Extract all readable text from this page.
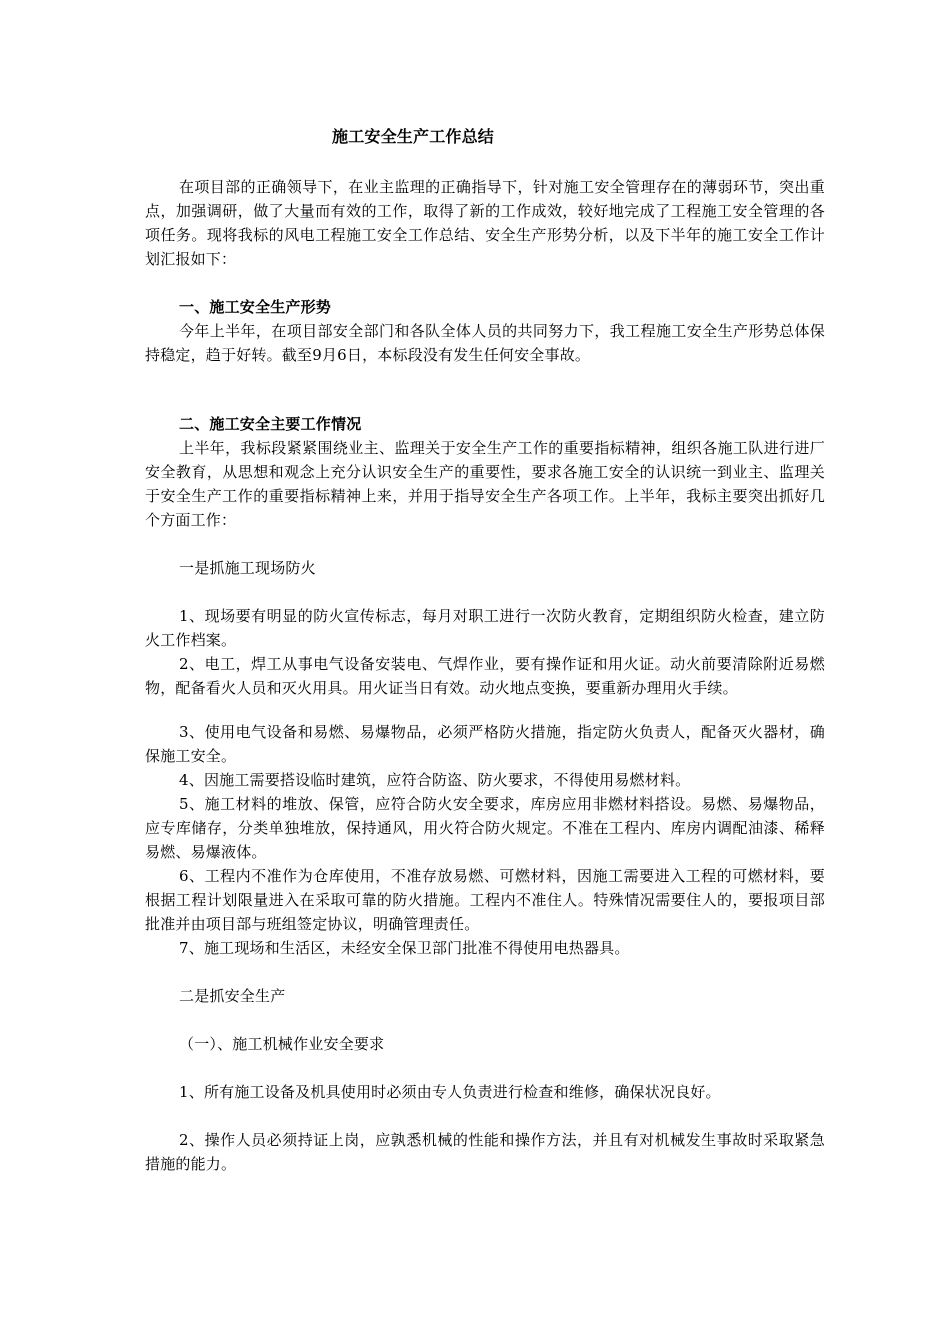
施工安全生产工作总结

在项目部的正确领导下，在业主监理的正确指导下，针对施工安全管理存在的薄弱环节，突出重点，加强调研，做了大量而有效的工作，取得了新的工作成效，较好地完成了工程施工安全管理的各项任务。现将我标的风电工程施工安全工作总结、安全生产形势分析，以及下半年的施工安全工作计划汇报如下：

一、施工安全生产形势

今年上半年，在项目部安全部门和各队全体人员的共同努力下，我工程施工安全生产形势总体保持稳定，趋于好转。截至9月6日，本标段没有发生任何安全事故。

二、施工安全主要工作情况

上半年，我标段紧紧围绕业主、监理关于安全生产工作的重要指标精神，组织各施工队进行进厂安全教育，从思想和观念上充分认识安全生产的重要性，要求各施工安全的认识统一到业主、监理关于安全生产工作的重要指标精神上来，并用于指导安全生产各项工作。上半年，我标主要突出抓好几个方面工作：

一是抓施工现场防火

1、现场要有明显的防火宣传标志，每月对职工进行一次防火教育，定期组织防火检查，建立防火工作档案。

2、电工，焊工从事电气设备安装电、气焊作业，要有操作证和用火证。动火前要清除附近易燃物，配备看火人员和灭火用具。用火证当日有效。动火地点变换，要重新办理用火手续。

3、使用电气设备和易燃、易爆物品，必须严格防火措施，指定防火负责人，配备灭火器材，确保施工安全。

4、因施工需要搭设临时建筑，应符合防盗、防火要求，不得使用易燃材料。

5、施工材料的堆放、保管，应符合防火安全要求，库房应用非燃材料搭设。易燃、易爆物品，应专库储存，分类单独堆放，保持通风，用火符合防火规定。不准在工程内、库房内调配油漆、稀释易燃、易爆液体。

6、工程内不准作为仓库使用，不准存放易燃、可燃材料，因施工需要进入工程的可燃材料，要根据工程计划限量进入在采取可靠的防火措施。工程内不准住人。特殊情况需要住人的，要报项目部批准并由项目部与班组签定协议，明确管理责任。

7、施工现场和生活区，未经安全保卫部门批准不得使用电热器具。

二是抓安全生产

（一）、施工机械作业安全要求

1、所有施工设备及机具使用时必须由专人负责进行检查和维修，确保状况良好。

2、操作人员必须持证上岗，应孰悉机械的性能和操作方法，并且有对机械发生事故时采取紧急措施的能力。
